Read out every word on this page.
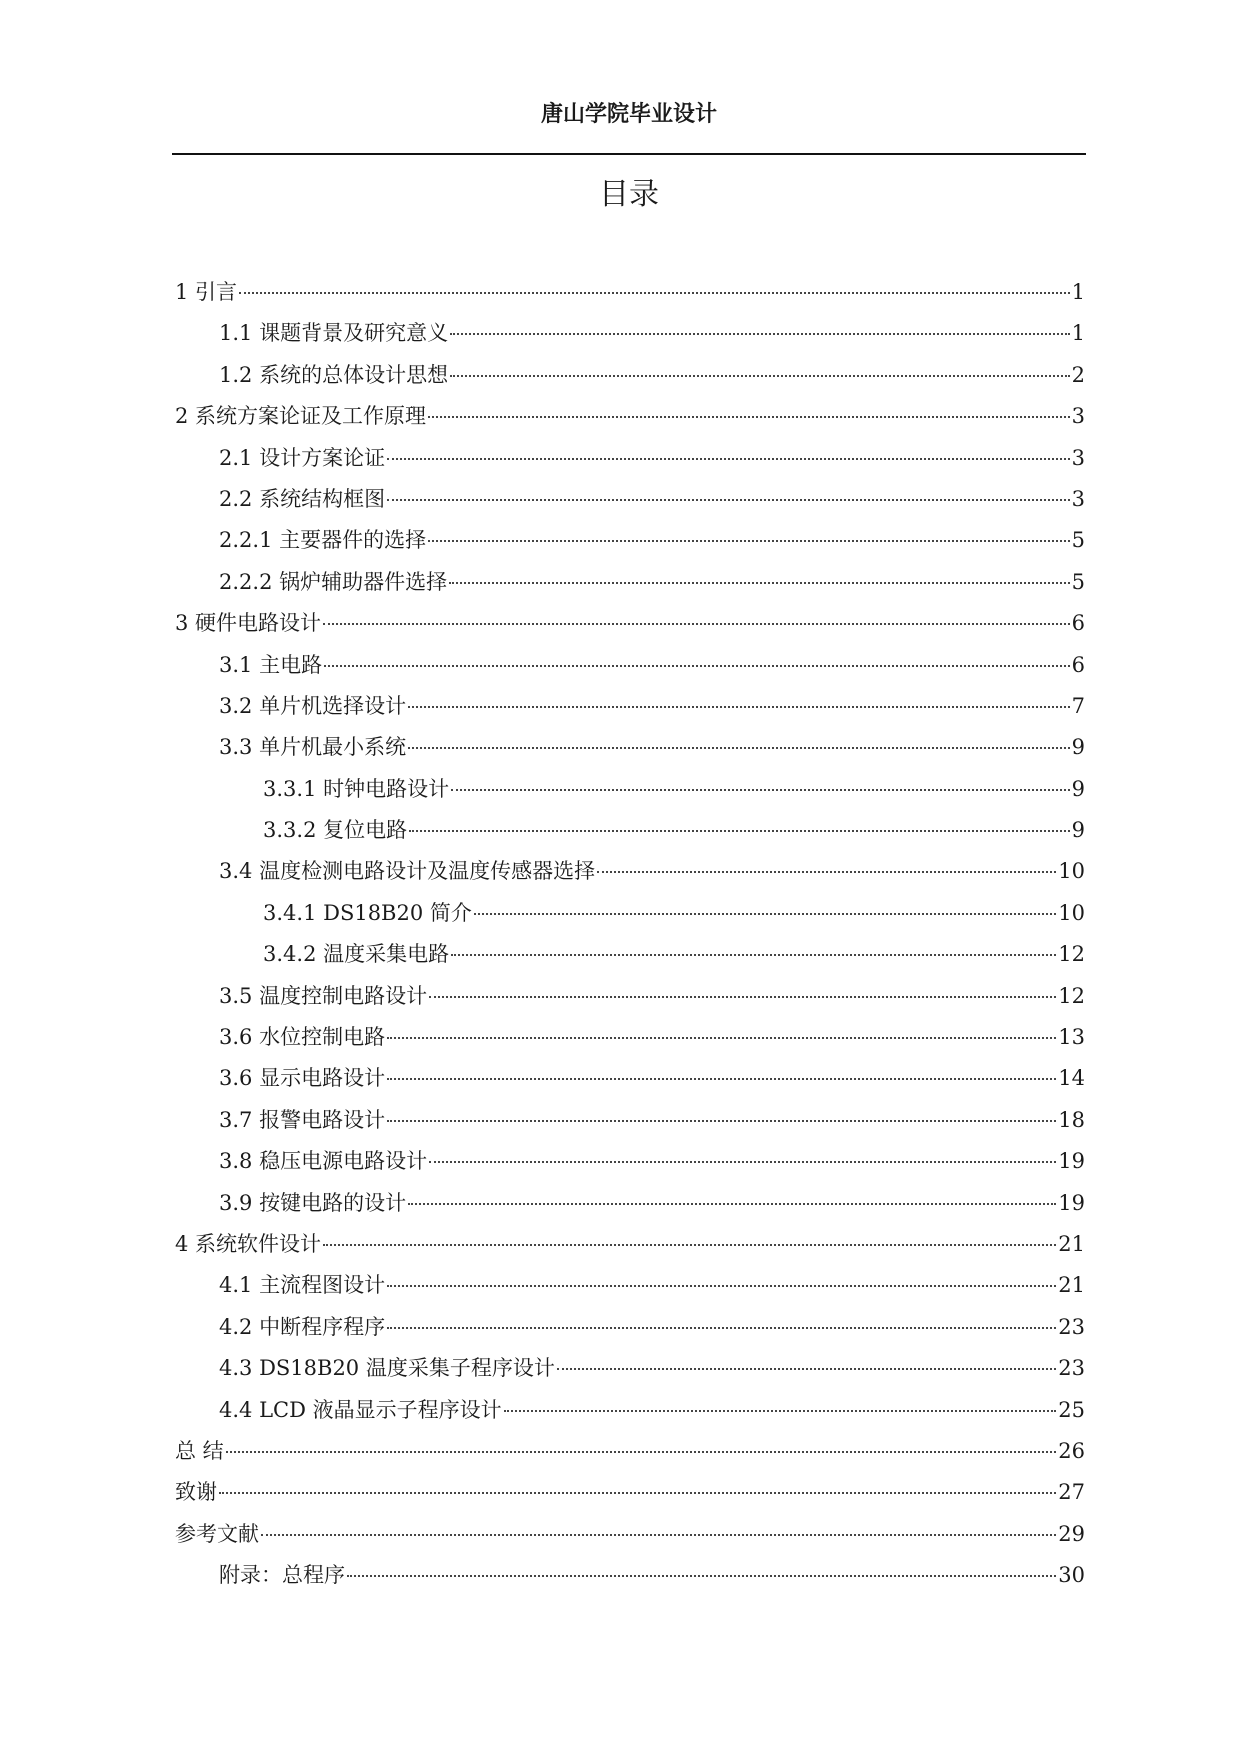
唐山学院毕业设计
目录
1 引言	1
1.1 课题背景及研究意义	1
1.2 系统的总体设计思想	2
2 系统方案论证及工作原理	3
2.1 设计方案论证	3
2.2 系统结构框图	3
2.2.1 主要器件的选择	5
2.2.2 锅炉辅助器件选择	5
3 硬件电路设计	6
3.1 主电路	6
3.2 单片机选择设计	7
3.3 单片机最小系统	9
3.3.1 时钟电路设计	9
3.3.2 复位电路	9
3.4 温度检测电路设计及温度传感器选择	10
3.4.1 DS18B20 简介	10
3.4.2 温度采集电路	12
3.5 温度控制电路设计	12
3.6 水位控制电路	13
3.6 显示电路设计	14
3.7 报警电路设计	18
3.8 稳压电源电路设计	19
3.9 按键电路的设计	19
4 系统软件设计	21
4.1 主流程图设计	21
4.2 中断程序程序	23
4.3 DS18B20 温度采集子程序设计	23
4.4 LCD 液晶显示子程序设计	25
总 结	26
致谢	27
参考文献	29
附录：总程序	30
